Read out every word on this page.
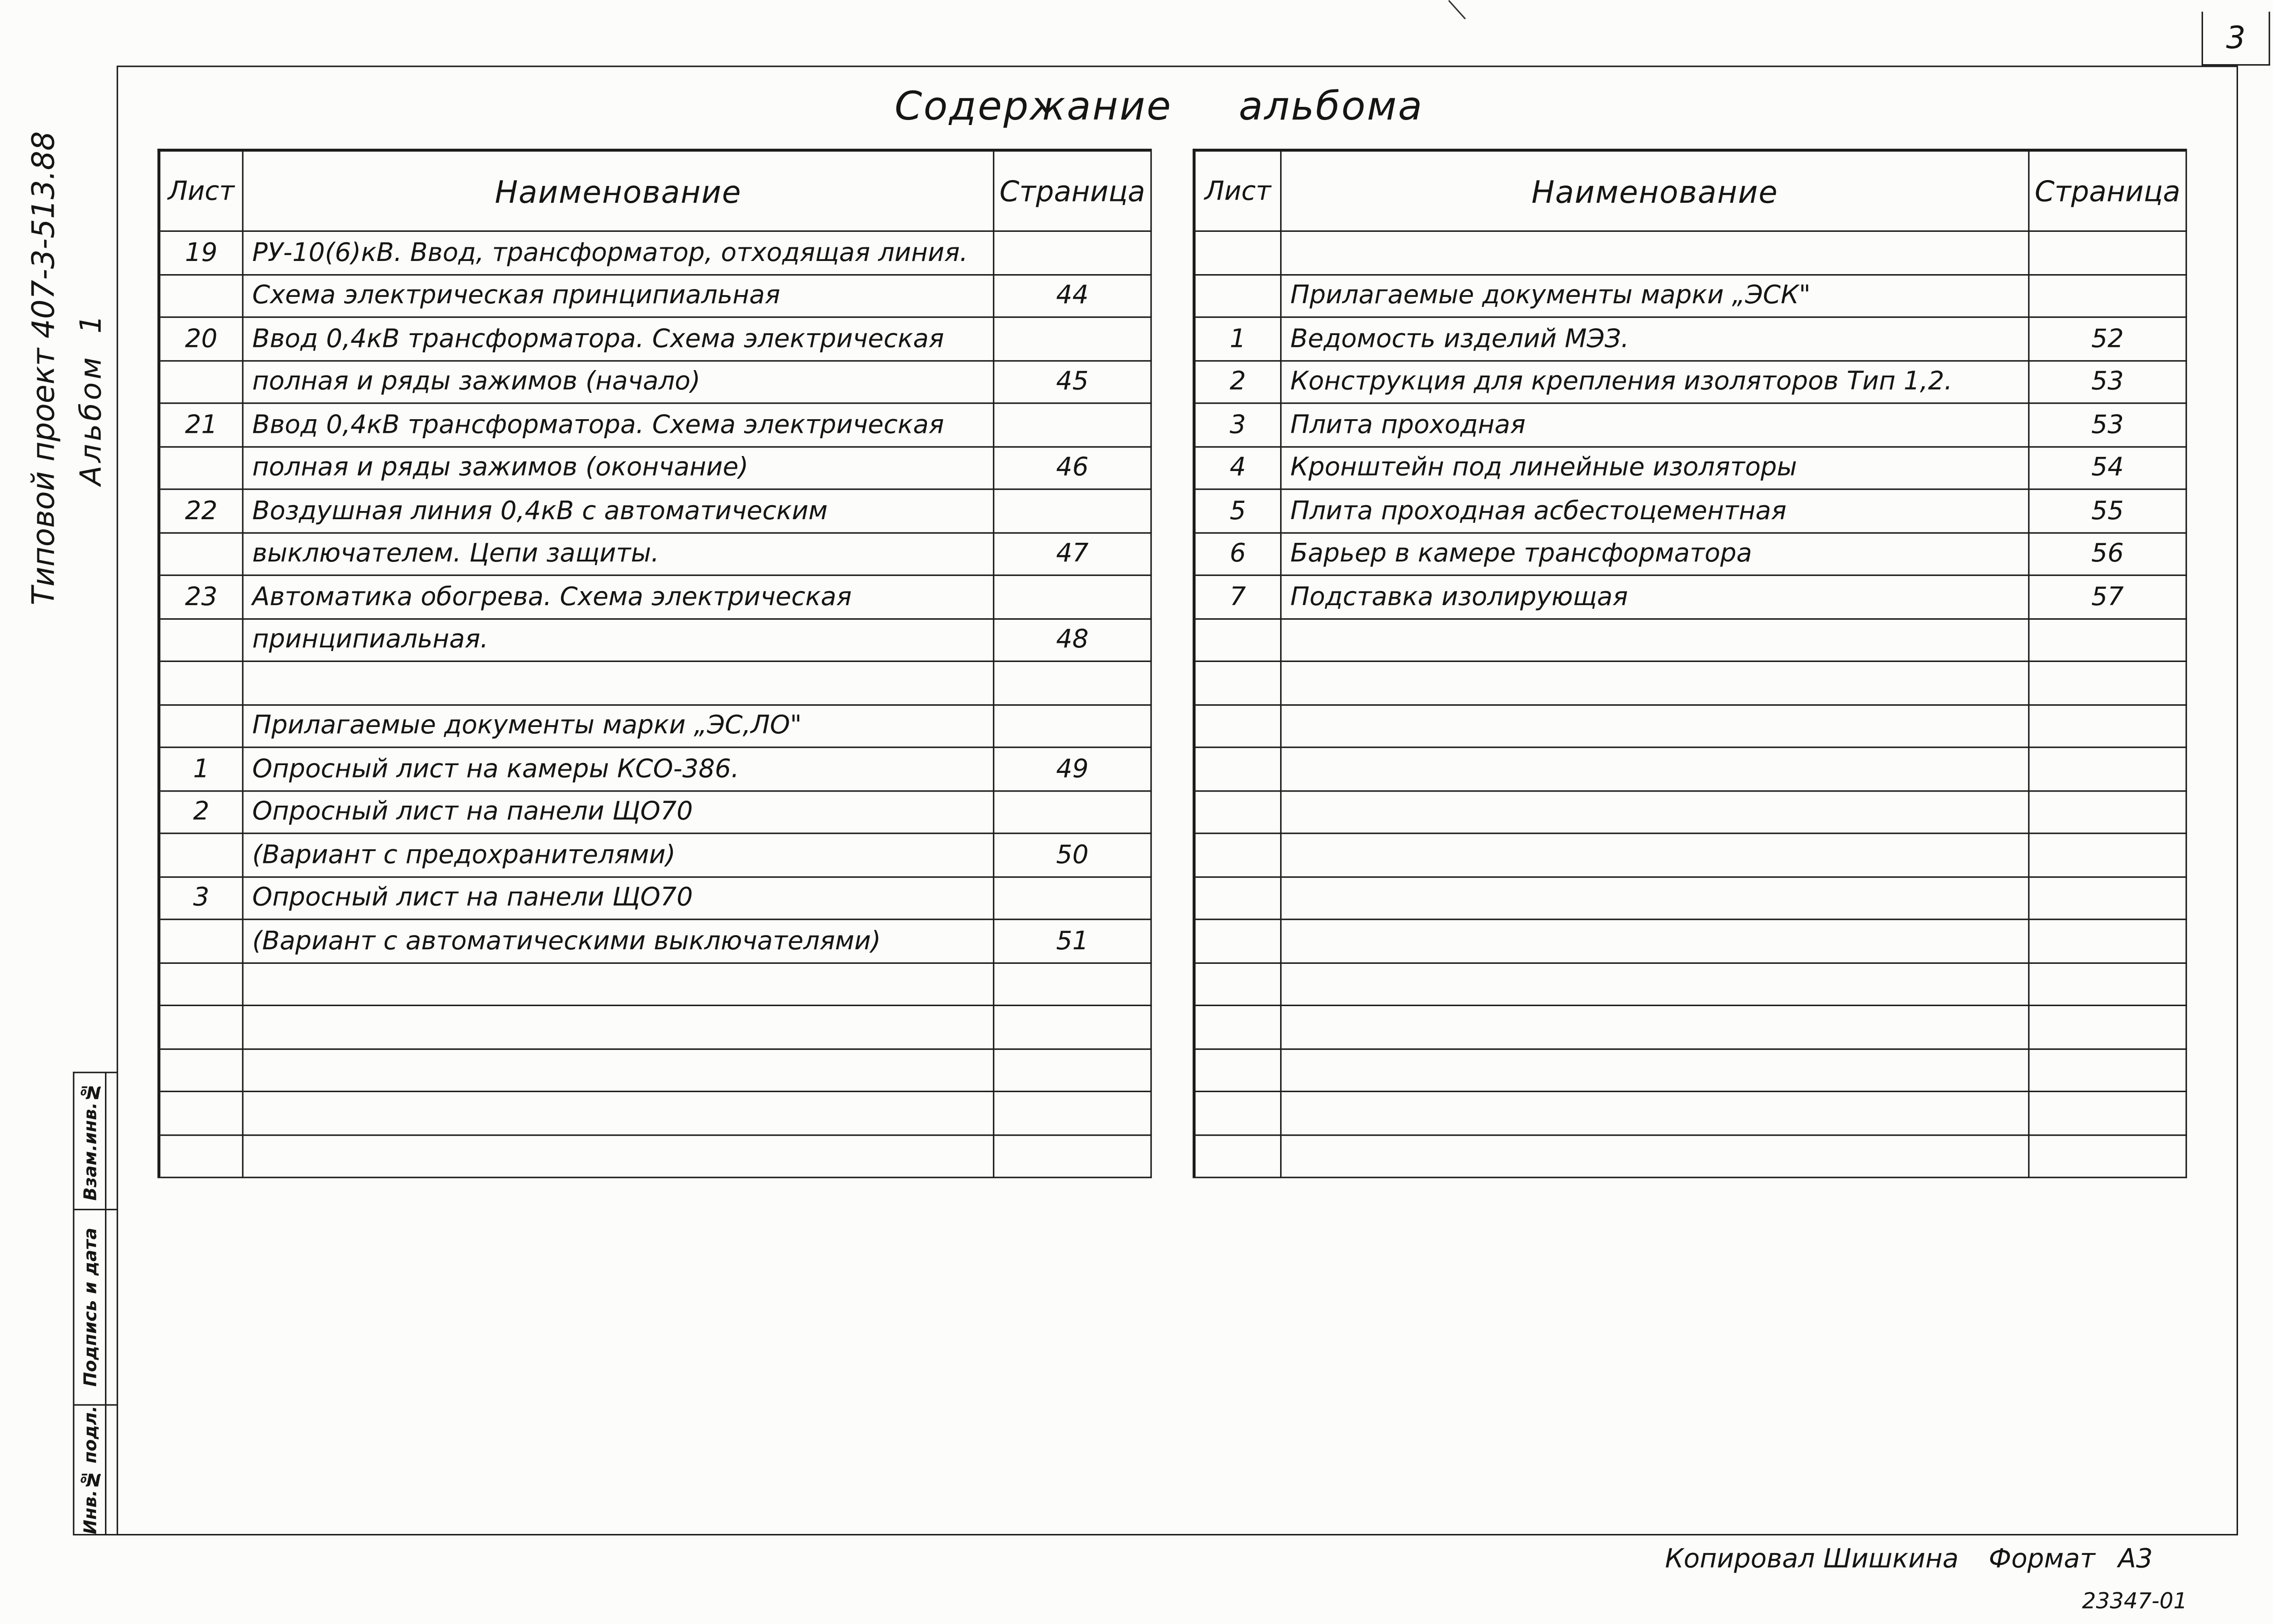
3
Типовой проект 407-3-513.88 Альбом 1
Взам.инв.№
Подпись и дата
Инв.№ подл.
Содержание альбома
Лист	Наименование	Страница
19	РУ-10(6)кВ. Ввод, трансформатор, отходящая линия.
Схема электрическая принципиальная	44
20	Ввод 0,4кВ трансформатора. Схема электрическая
полная и ряды зажимов (начало)	45
21	Ввод 0,4кВ трансформатора. Схема электрическая
полная и ряды зажимов (окончание)	46
22	Воздушная линия 0,4кВ с автоматическим
выключателем. Цепи защиты.	47
23	Автоматика обогрева. Схема электрическая
принципиальная.	48
Прилагаемые документы марки „ЭС,ЛО"
1	Опросный лист на камеры КСО-386.	49
2	Опросный лист на панели ЩО70
(Вариант с предохранителями)	50
3	Опросный лист на панели ЩО70
(Вариант с автоматическими выключателями)	51
Лист	Наименование	Страница
Прилагаемые документы марки „ЭСК"
1	Ведомость изделий МЭЗ.	52
2	Конструкция для крепления изоляторов Тип 1,2.	53
3	Плита проходная	53
4	Кронштейн под линейные изоляторы	54
5	Плита проходная асбестоцементная	55
6	Барьер в камере трансформатора	56
7	Подставка изолирующая	57
Копировал Шишкина	Формат А3
23347-01
